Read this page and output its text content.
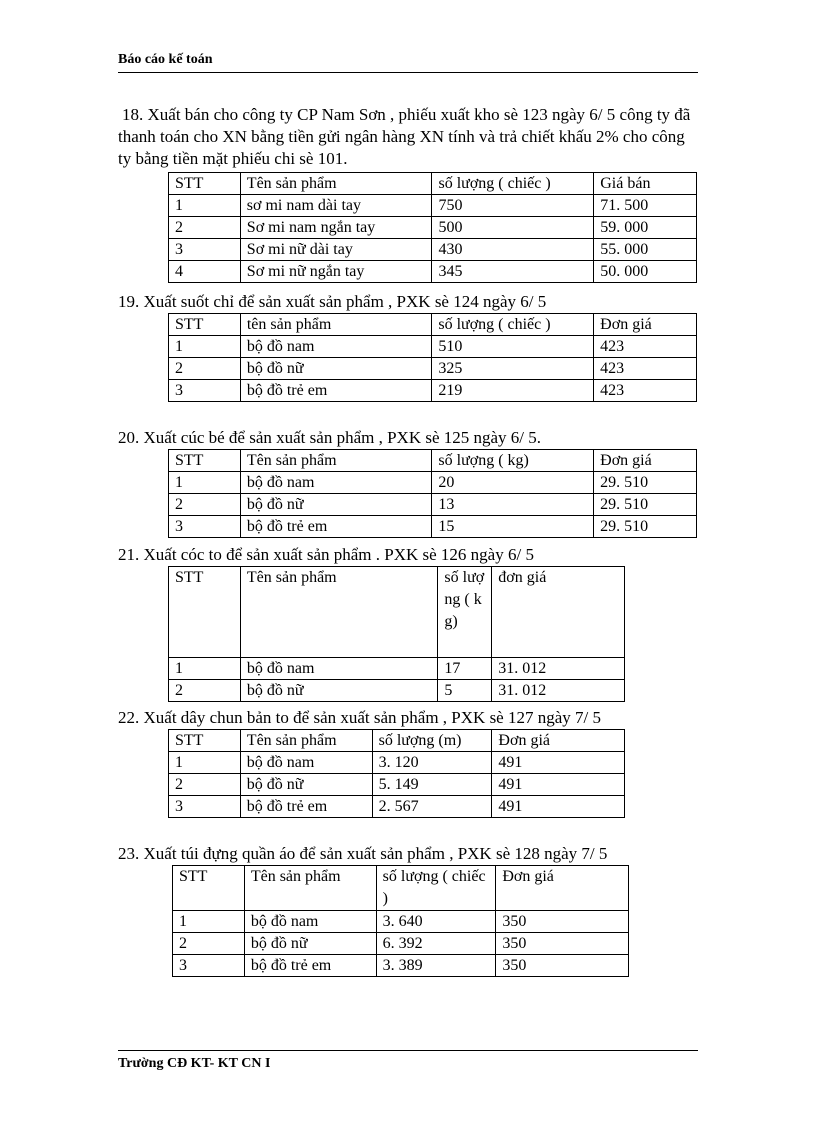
Báo cáo kế toán
18. Xuất bán cho công ty CP Nam Sơn , phiếu xuất kho sè 123 ngày 6/ 5 công ty đã thanh toán cho XN bằng tiền gửi ngân hàng XN tính và trả chiết khấu 2% cho công ty bằng tiền mặt phiếu chi sè 101.
STT	Tên sản phẩm	số lượng ( chiếc )	Giá bán
1	sơ mi nam dài tay	750	71. 500
2	Sơ mi nam ngắn tay	500	59. 000
3	Sơ mi nữ dài tay	430	55. 000
4	Sơ mi nữ ngắn tay	345	50. 000
19. Xuất suốt chỉ để sản xuất sản phẩm , PXK sè 124 ngày 6/ 5
STT	tên sản phẩm	số lượng ( chiếc )	Đơn giá
1	bộ đồ nam	510	423
2	bộ đồ nữ	325	423
3	bộ đồ trẻ em	219	423
20. Xuất cúc bé để sản xuất sản phẩm , PXK sè 125 ngày 6/ 5.
STT	Tên sản phẩm	số lượng ( kg)	Đơn giá
1	bộ đồ nam	20	29. 510
2	bộ đồ nữ	13	29. 510
3	bộ đồ trẻ em	15	29. 510
21. Xuất cóc to để sản xuất sản phẩm . PXK sè 126 ngày 6/ 5
STT	Tên sản phẩm	số lượng ( kg)	đơn giá
1	bộ đồ nam	17	31. 012
2	bộ đồ nữ	5	31. 012
22. Xuất dây chun bản to để sản xuất sản phẩm , PXK sè 127 ngày 7/ 5
STT	Tên sản phẩm	số lượng (m)	Đơn giá
1	bộ đồ nam	3. 120	491
2	bộ đồ nữ	5. 149	491
3	bộ đồ trẻ em	2. 567	491
23. Xuất túi đựng quần áo để sản xuất sản phẩm , PXK sè 128 ngày 7/ 5
STT	Tên sản phẩm	số lượng ( chiếc )	Đơn giá
1	bộ đồ nam	3. 640	350
2	bộ đồ nữ	6. 392	350
3	bộ đồ trẻ em	3. 389	350
Trường CĐ KT- KT CN I
